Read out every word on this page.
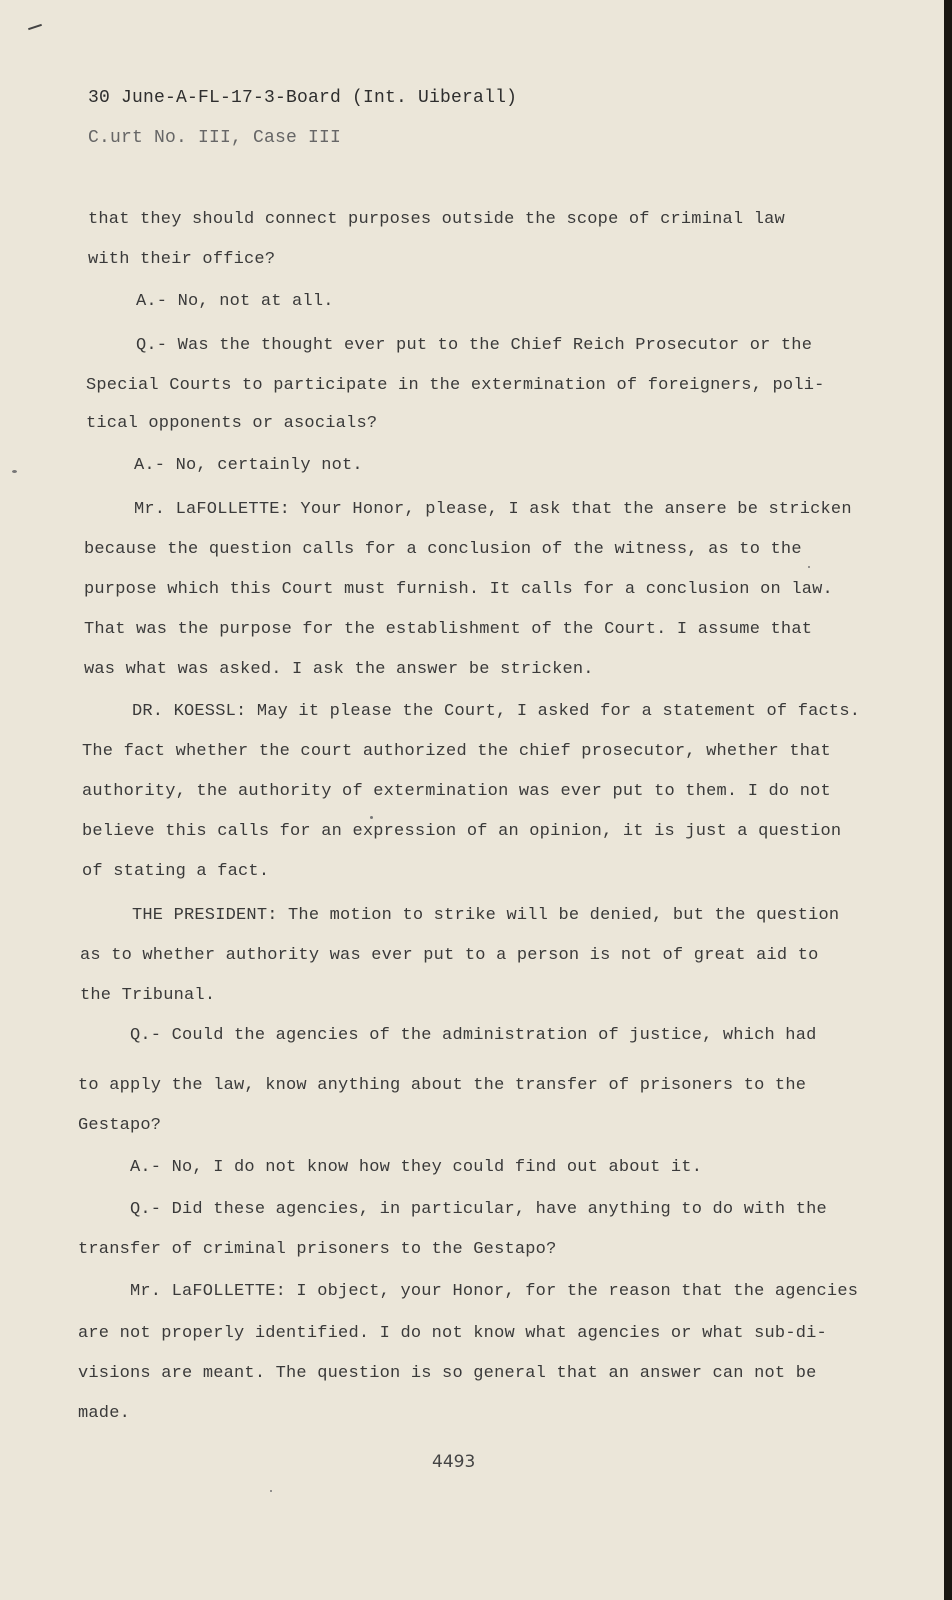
30 June-A-FL-17-3-Board (Int. Uiberall)
C.urt No. III, Case III
that they should connect purposes outside the scope of criminal law
with their office?
A.- No, not at all.
Q.- Was the thought ever put to the Chief Reich Prosecutor or the
Special Courts to participate in the extermination of foreigners, poli-
tical opponents or asocials?
A.- No, certainly not.
Mr. LaFOLLETTE: Your Honor, please, I ask that the ansere be stricken
because the question calls for a conclusion of the witness, as to the
purpose which this Court must furnish. It calls for a conclusion on law.
That was the purpose for the establishment of the Court. I assume that
was what was asked. I ask the answer be stricken.
DR. KOESSL: May it please the Court, I asked for a statement of facts.
The fact whether the court authorized the chief prosecutor, whether that
authority, the authority of extermination was ever put to them. I do not
believe this calls for an expression of an opinion, it is just a question
of stating a fact.
THE PRESIDENT: The motion to strike will be denied, but the question
as to whether authority was ever put to a person is not of great aid to
the Tribunal.
Q.- Could the agencies of the administration of justice, which had
to apply the law, know anything about the transfer of prisoners to the
Gestapo?
A.- No, I do not know how they could find out about it.
Q.- Did these agencies, in particular, have anything to do with the
transfer of criminal prisoners to the Gestapo?
Mr. LaFOLLETTE: I object, your Honor, for the reason that the agencies
are not properly identified. I do not know what agencies or what sub-di-
visions are meant. The question is so general that an answer can not be
made.
4493
